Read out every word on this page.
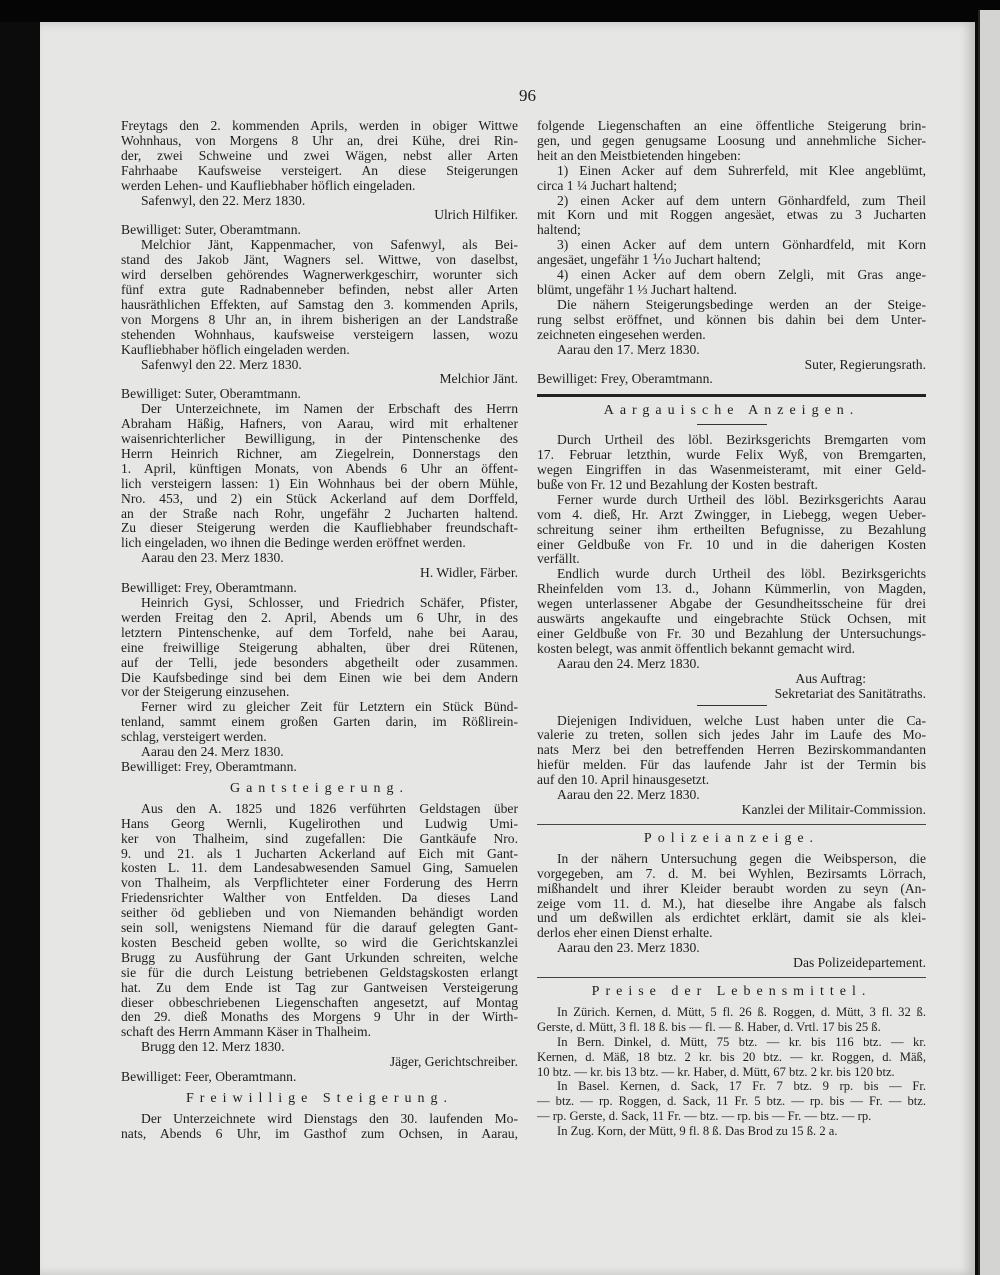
96
Freytags den 2. kommenden Aprils, werden in obiger Wittwe
Wohnhaus, von Morgens 8 Uhr an, drei Kühe, drei Rin-
der, zwei Schweine und zwei Wägen, nebst aller Arten
Fahrhaabe Kaufsweise versteigert. An diese Steigerungen
werden Lehen- und Kaufliebhaber höflich eingeladen.
Safenwyl, den 22. Merz 1830.
Ulrich Hilfiker.
Bewilliget: Suter, Oberamtmann.
Melchior Jänt, Kappenmacher, von Safenwyl, als Bei-
stand des Jakob Jänt, Wagners sel. Wittwe, von daselbst,
wird derselben gehörendes Wagnerwerkgeschirr, worunter sich
fünf extra gute Radnabenneber befinden, nebst aller Arten
hausräthlichen Effekten, auf Samstag den 3. kommenden Aprils,
von Morgens 8 Uhr an, in ihrem bisherigen an der Landstraße
stehenden Wohnhaus, kaufsweise versteigern lassen, wozu
Kaufliebhaber höflich eingeladen werden.
Safenwyl den 22. Merz 1830.
Melchior Jänt.
Bewilliget: Suter, Oberamtmann.
Der Unterzeichnete, im Namen der Erbschaft des Herrn
Abraham Häßig, Hafners, von Aarau, wird mit erhaltener
waisenrichterlicher Bewilligung, in der Pintenschenke des
Herrn Heinrich Richner, am Ziegelrein, Donnerstags den
1. April, künftigen Monats, von Abends 6 Uhr an öffent-
lich versteigern lassen: 1) Ein Wohnhaus bei der obern Mühle,
Nro. 453, und 2) ein Stück Ackerland auf dem Dorffeld,
an der Straße nach Rohr, ungefähr 2 Jucharten haltend.
Zu dieser Steigerung werden die Kaufliebhaber freundschaft-
lich eingeladen, wo ihnen die Bedinge werden eröffnet werden.
Aarau den 23. Merz 1830.
H. Widler, Färber.
Bewilliget: Frey, Oberamtmann.
Heinrich Gysi, Schlosser, und Friedrich Schäfer, Pfister,
werden Freitag den 2. April, Abends um 6 Uhr, in des
letztern Pintenschenke, auf dem Torfeld, nahe bei Aarau,
eine freiwillige Steigerung abhalten, über drei Rütenen,
auf der Telli, jede besonders abgetheilt oder zusammen.
Die Kaufsbedinge sind bei dem Einen wie bei dem Andern
vor der Steigerung einzusehen.
Ferner wird zu gleicher Zeit für Letztern ein Stück Bünd-
tenland, sammt einem großen Garten darin, im Rößlirein-
schlag, versteigert werden.
Aarau den 24. Merz 1830.
Bewilliget: Frey, Oberamtmann.
Gantsteigerung.
Aus den A. 1825 und 1826 verführten Geldstagen über
Hans Georg Wernli, Kugelirothen und Ludwig Umi-
ker von Thalheim, sind zugefallen: Die Gantkäufe Nro.
9. und 21. als 1 Jucharten Ackerland auf Eich mit Gant-
kosten L. 11. dem Landesabwesenden Samuel Ging, Samuelen
von Thalheim, als Verpflichteter einer Forderung des Herrn
Friedensrichter Walther von Entfelden. Da dieses Land
seither öd geblieben und von Niemanden behändigt worden
sein soll, wenigstens Niemand für die darauf gelegten Gant-
kosten Bescheid geben wollte, so wird die Gerichtskanzlei
Brugg zu Ausführung der Gant Urkunden schreiten, welche
sie für die durch Leistung betriebenen Geldstagskosten erlangt
hat. Zu dem Ende ist Tag zur Gantweisen Versteigerung
dieser obbeschriebenen Liegenschaften angesetzt, auf Montag
den 29. dieß Monaths des Morgens 9 Uhr in der Wirth-
schaft des Herrn Ammann Käser in Thalheim.
Brugg den 12. Merz 1830.
Jäger, Gerichtschreiber.
Bewilliget: Feer, Oberamtmann.
Freiwillige Steigerung.
Der Unterzeichnete wird Dienstags den 30. laufenden Mo-
nats, Abends 6 Uhr, im Gasthof zum Ochsen, in Aarau,
folgende Liegenschaften an eine öffentliche Steigerung brin-
gen, und gegen genugsame Loosung und annehmliche Sicher-
heit an den Meistbietenden hingeben:
1) Einen Acker auf dem Suhrerfeld, mit Klee angeblümt,
circa 1 ¼ Juchart haltend;
2) einen Acker auf dem untern Gönhardfeld, zum Theil
mit Korn und mit Roggen angesäet, etwas zu 3 Jucharten
haltend;
3) einen Acker auf dem untern Gönhardfeld, mit Korn
angesäet, ungefähr 1 ⅒ Juchart haltend;
4) einen Acker auf dem obern Zelgli, mit Gras ange-
blümt, ungefähr 1 ⅓ Juchart haltend.
Die nähern Steigerungsbedinge werden an der Steige-
rung selbst eröffnet, und können bis dahin bei dem Unter-
zeichneten eingesehen werden.
Aarau den 17. Merz 1830.
Suter, Regierungsrath.
Bewilliget: Frey, Oberamtmann.
Aargauische Anzeigen.
Durch Urtheil des löbl. Bezirksgerichts Bremgarten vom
17. Februar letzthin, wurde Felix Wyß, von Bremgarten,
wegen Eingriffen in das Wasenmeisteramt, mit einer Geld-
buße von Fr. 12 und Bezahlung der Kosten bestraft.
Ferner wurde durch Urtheil des löbl. Bezirksgerichts Aarau
vom 4. dieß, Hr. Arzt Zwingger, in Liebegg, wegen Ueber-
schreitung seiner ihm ertheilten Befugnisse, zu Bezahlung
einer Geldbuße von Fr. 10 und in die daherigen Kosten
verfällt.
Endlich wurde durch Urtheil des löbl. Bezirksgerichts
Rheinfelden vom 13. d., Johann Kümmerlin, von Magden,
wegen unterlassener Abgabe der Gesundheitsscheine für drei
auswärts angekaufte und eingebrachte Stück Ochsen, mit
einer Geldbuße von Fr. 30 und Bezahlung der Untersuchungs-
kosten belegt, was anmit öffentlich bekannt gemacht wird.
Aarau den 24. Merz 1830.
Aus Auftrag:
Sekretariat des Sanitätraths.
Diejenigen Individuen, welche Lust haben unter die Ca-
valerie zu treten, sollen sich jedes Jahr im Laufe des Mo-
nats Merz bei den betreffenden Herren Bezirskommandanten
hiefür melden. Für das laufende Jahr ist der Termin bis
auf den 10. April hinausgesetzt.
Aarau den 22. Merz 1830.
Kanzlei der Militair-Commission.
Polizeianzeige.
In der nähern Untersuchung gegen die Weibsperson, die
vorgegeben, am 7. d. M. bei Wyhlen, Bezirsamts Lörrach,
mißhandelt und ihrer Kleider beraubt worden zu seyn (An-
zeige vom 11. d. M.), hat dieselbe ihre Angabe als falsch
und um deßwillen als erdichtet erklärt, damit sie als klei-
derlos eher einen Dienst erhalte.
Aarau den 23. Merz 1830.
Das Polizeidepartement.
Preise der Lebensmittel.
In Zürich. Kernen, d. Mütt, 5 fl. 26 ß. Roggen, d. Mütt, 3 fl. 32 ß.
Gerste, d. Mütt, 3 fl. 18 ß. bis — fl. — ß. Haber, d. Vrtl. 17 bis 25 ß.
In Bern. Dinkel, d. Mütt, 75 btz. — kr. bis 116 btz. — kr.
Kernen, d. Mäß, 18 btz. 2 kr. bis 20 btz. — kr. Roggen, d. Mäß,
10 btz. — kr. bis 13 btz. — kr. Haber, d. Mütt, 67 btz. 2 kr. bis 120 btz.
In Basel. Kernen, d. Sack, 17 Fr. 7 btz. 9 rp. bis — Fr.
— btz. — rp. Roggen, d. Sack, 11 Fr. 5 btz. — rp. bis — Fr. — btz.
— rp. Gerste, d. Sack, 11 Fr. — btz. — rp. bis — Fr. — btz. — rp.
In Zug. Korn, der Mütt, 9 fl. 8 ß. Das Brod zu 15 ß. 2 a.
